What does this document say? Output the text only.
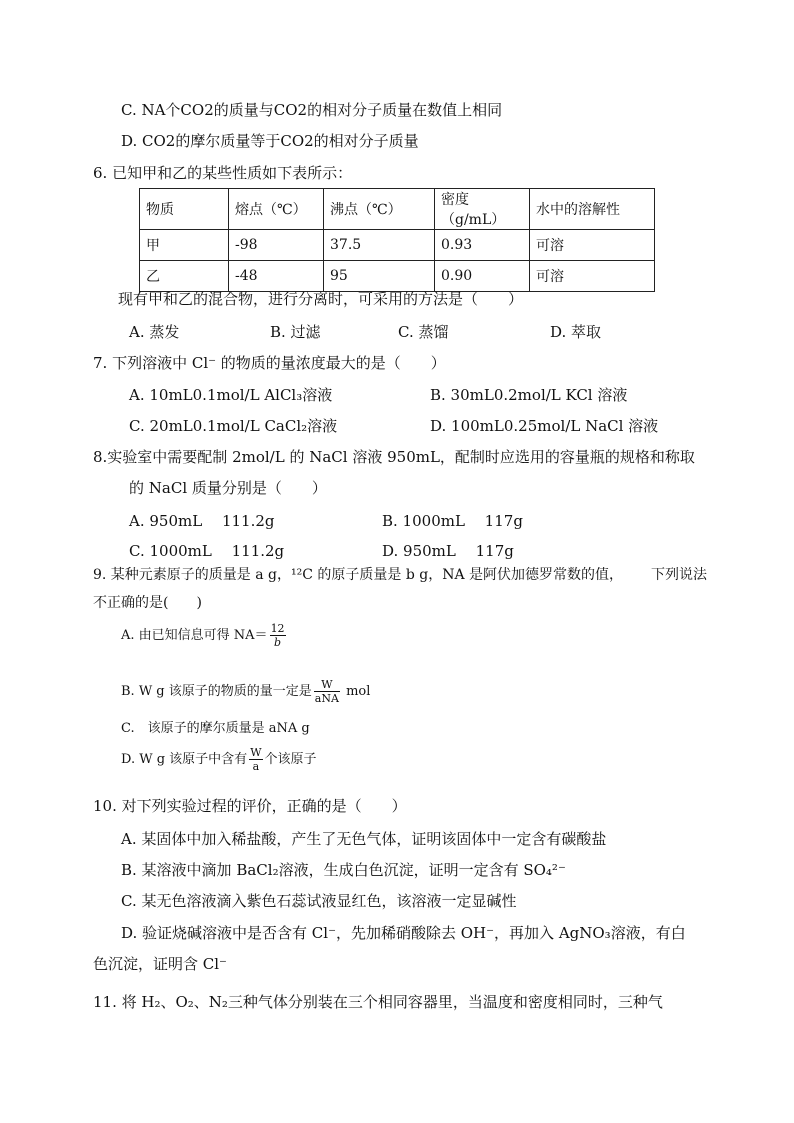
C. NA个CO2的质量与CO2的相对分子质量在数值上相同
D. CO2的摩尔质量等于CO2的相对分子质量
6. 已知甲和乙的某些性质如下表所示：
物质	熔点（℃）	沸点（℃）	密度（g/mL）	水中的溶解性
甲	-98	37.5	0.93	可溶
乙	-48	95	0.90	可溶
现有甲和乙的混合物，进行分离时，可采用的方法是（　　）
A. 蒸发	B. 过滤	C. 蒸馏	D. 萃取
7. 下列溶液中 Cl⁻ 的物质的量浓度最大的是（　　）
A. 10mL0.1mol/L AlCl₃溶液	B. 30mL0.2mol/L KCl 溶液
C. 20mL0.1mol/L CaCl₂溶液	D. 100mL0.25mol/L NaCl 溶液
8.实验室中需要配制 2mol/L 的 NaCl 溶液 950mL，配制时应选用的容量瓶的规格和称取
的 NaCl 质量分别是（　　）
A. 950mL　 111.2g	B. 1000mL　 117g
C. 1000mL　 111.2g	D. 950mL　 117g
9. 某种元素原子的质量是 a g，¹²C 的原子质量是 b g，NA 是阿伏加德罗常数的值， 下列说法
不正确的是(　　)
A. 由已知信息可得 $NA= \frac{12}{b}$
B. W g 该原子的物质的量一定是 $\frac{W}{\text{aNA}}$ mol
C.　该原子的摩尔质量是 aNA g
D. W g 该原子中含有 $\frac{W}{a}$ 个该原子
10. 对下列实验过程的评价，正确的是（　　）
A. 某固体中加入稀盐酸，产生了无色气体，证明该固体中一定含有碳酸盐
B. 某溶液中滴加 BaCl₂溶液，生成白色沉淀，证明一定含有 SO₄²⁻
C. 某无色溶液滴入紫色石蕊试液显红色，该溶液一定显碱性
D. 验证烧碱溶液中是否含有 Cl⁻，先加稀硝酸除去 OH⁻，再加入 AgNO₃溶液，有白
色沉淀，证明含 Cl⁻
11. 将 H₂、O₂、N₂三种气体分别装在三个相同容器里，当温度和密度相同时，三种气
